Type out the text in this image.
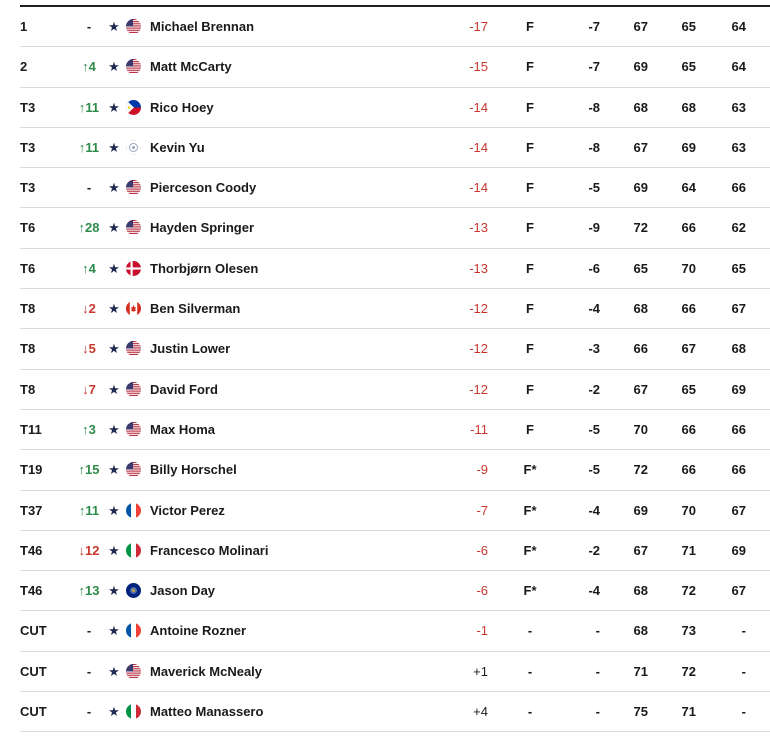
1	-	★ Michael Brennan	-17	F	-7	67	65	64
2	↑4 ★ Matt McCarty	-15	F	-7	69	65	64
T3	↑11 ★ Rico Hoey	-14	F	-8	68	68	63
T3	↑11 ★ Kevin Yu	-14	F	-8	67	69	63
T3	-	★ Pierceson Coody	-14	F	-5	69	64	66
T6	↑28 ★ Hayden Springer	-13	F	-9	72	66	62
T6	↑4 ★ Thorbjørn Olesen	-13	F	-6	65	70	65
T8	↓2 ★ Ben Silverman	-12	F	-4	68	66	67
T8	↓5 ★ Justin Lower	-12	F	-3	66	67	68
T8	↓7 ★ David Ford	-12	F	-2	67	65	69
T11	↑3 ★ Max Homa	-11	F	-5	70	66	66
T19	↑15 ★ Billy Horschel	-9	F*	-5	72	66	66
T37	↑11 ★ Victor Perez	-7	F*	-4	69	70	67
T46	↓12 ★ Francesco Molinari	-6	F*	-2	67	71	69
T46	↑13 ★ Jason Day	-6	F*	-4	68	72	67
CUT	-	★ Antoine Rozner	-1	-	-	68	73	-
CUT	-	★ Maverick McNealy	+1	-	-	71	72	-
CUT	-	★ Matteo Manassero	+4	-	-	75	71	-
